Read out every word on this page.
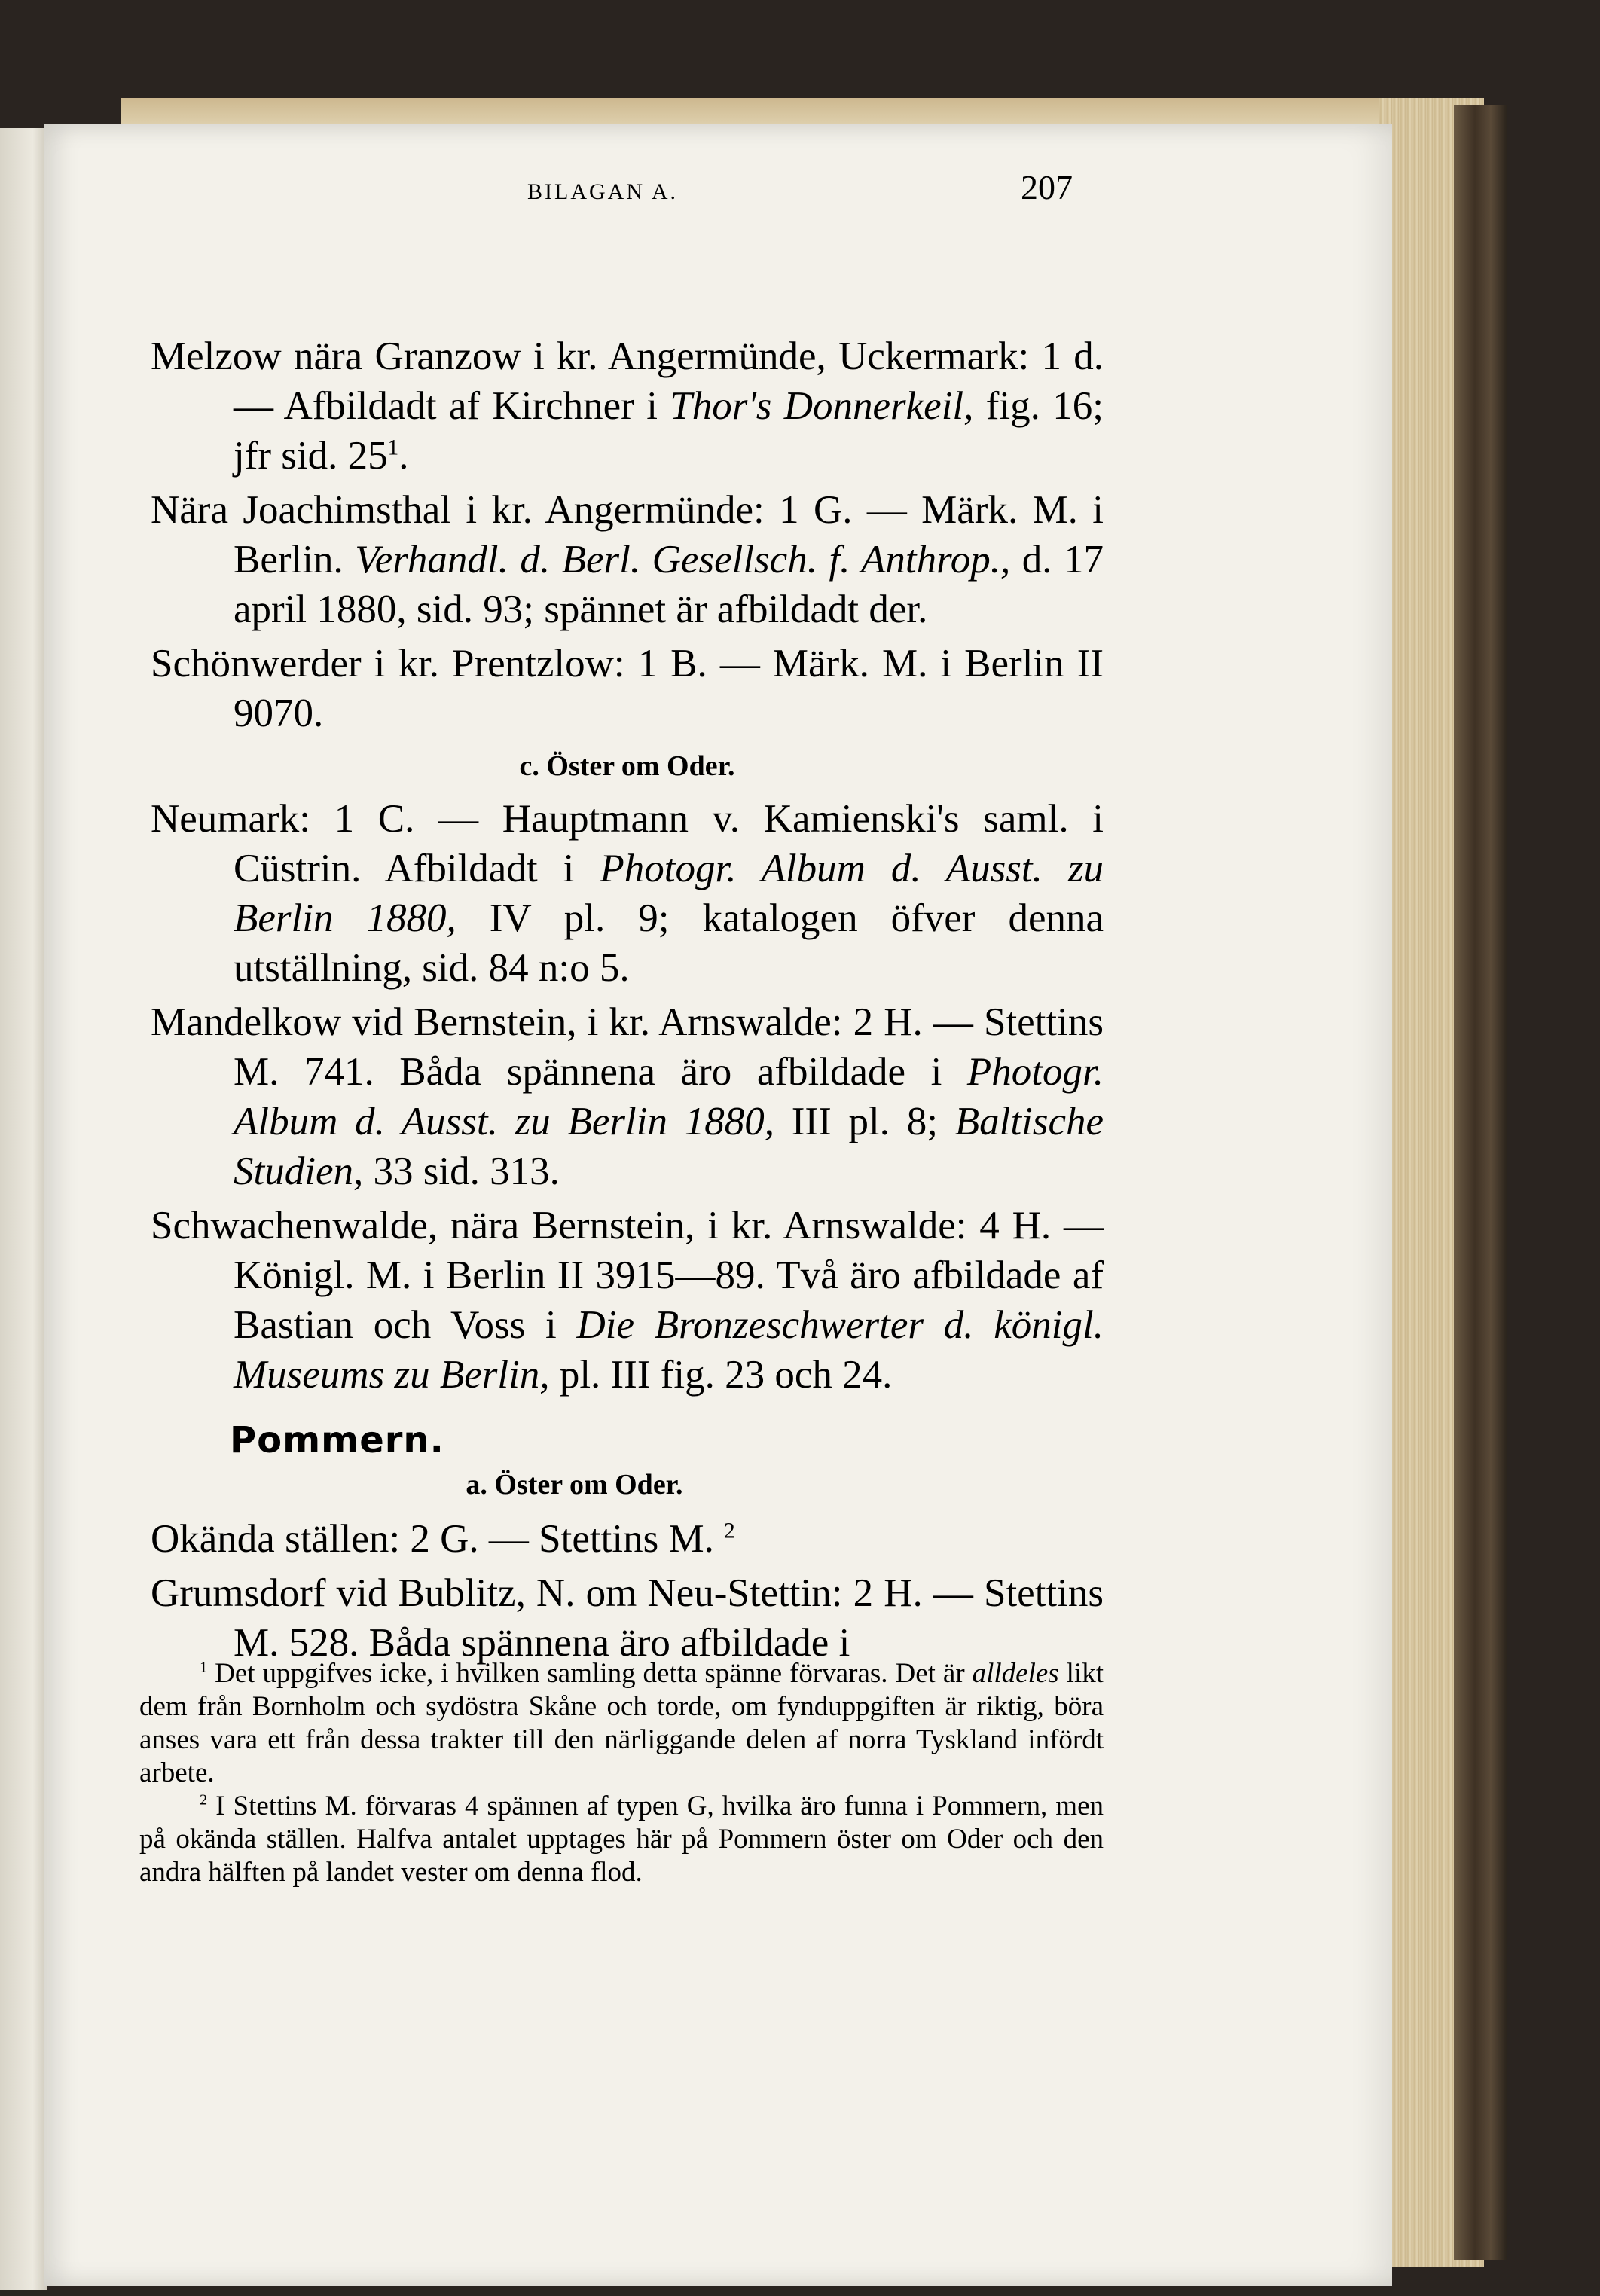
BILAGAN A.	207

Melzow nära Granzow i kr. Angermünde, Uckermark: 1 d. — Afbildadt af Kirchner i Thor's Donnerkeil, fig. 16; jfr sid. $25^1$.

Nära Joachimsthal i kr. Angermünde: 1 G. — Märk. M. i Berlin. Verhandl. d. Berl. Gesellsch. f. Anthrop., d. 17 april 1880, sid. 93; spännet är afbildadt der.

Schönwerder i kr. Prentzlow: 1 B. — Märk. M. i Berlin II 9070.

c. Öster om Oder.

Neumark: 1 C. — Hauptmann v. Kamienski's saml. i Cüstrin. Afbildadt i Photogr. Album d. Ausst. zu Berlin 1880, IV pl. 9; katalogen öfver denna utställning, sid. 84 n:o 5.

Mandelkow vid Bernstein, i kr. Arnswalde: 2 H. — Stettins M. 741. Båda spännena äro afbildade i Photogr. Album d. Ausst. zu Berlin 1880, III pl. 8; Baltische Studien, 33 sid. 313.

Schwachenwalde, nära Bernstein, i kr. Arnswalde: 4 H. — Königl. M. i Berlin II 3915—89. Två äro afbildade af Bastian och Voss i Die Bronzeschwerter d. königl. Museums zu Berlin, pl. III fig. 23 och 24.

Pommern.
a. Öster om Oder.

Okända ställen: 2 G. — Stettins M. $^2$

Grumsdorf vid Bublitz, N. om Neu-Stettin: 2 H. — Stettins M. 528. Båda spännena äro afbildade i

$^1$ Det uppgifves icke, i hvilken samling detta spänne förvaras. Det är alldeles likt dem från Bornholm och sydöstra Skåne och torde, om fynduppgiften är riktig, böra anses vara ett från dessa trakter till den närliggande delen af norra Tyskland infördt arbete.

$^2$ I Stettins M. förvaras 4 spännen af typen G, hvilka äro funna i Pommern, men på okända ställen. Halfva antalet upptages här på Pommern öster om Oder och den andra hälften på landet vester om denna flod.
